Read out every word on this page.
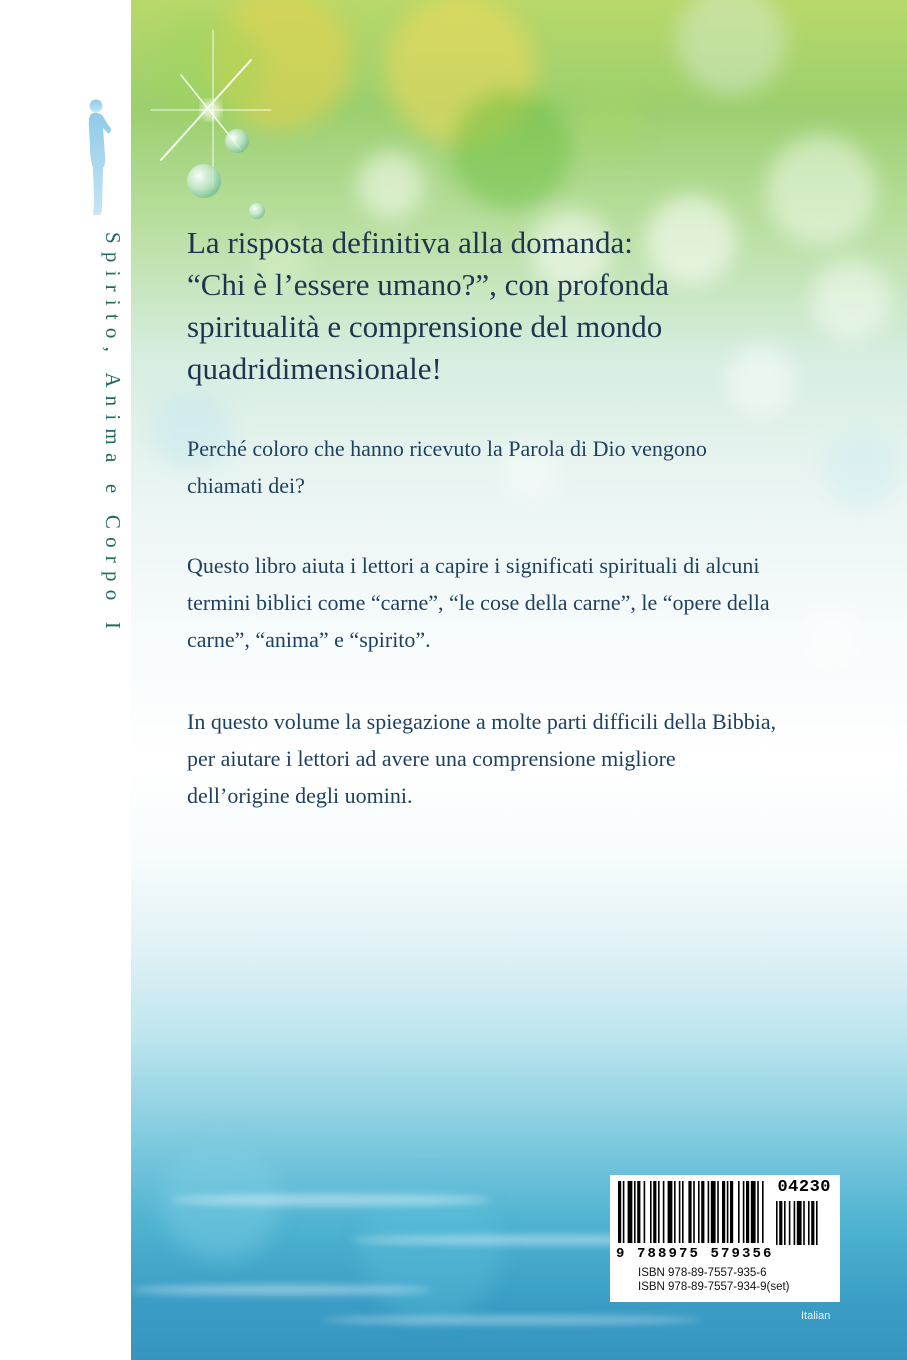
Spirito, Anima e Corpo I La risposta definitiva alla domanda:
“Chi è l’essere umano?”, con profonda
spiritualità e comprensione del mondo
quadridimensionale!
Perché coloro che hanno ricevuto la Parola di Dio vengono
chiamati dei?
Questo libro aiuta i lettori a capire i significati spirituali di alcuni
termini biblici come “carne”, “le cose della carne”, le “opere della
carne”, “anima” e “spirito”.
In questo volume la spiegazione a molte parti difficili della Bibbia,
per aiutare i lettori ad avere una comprensione migliore
dell’origine degli uomini.
04230
9 788975 579356
ISBN 978-89-7557-935-6
ISBN 978-89-7557-934-9(set)
Italian
